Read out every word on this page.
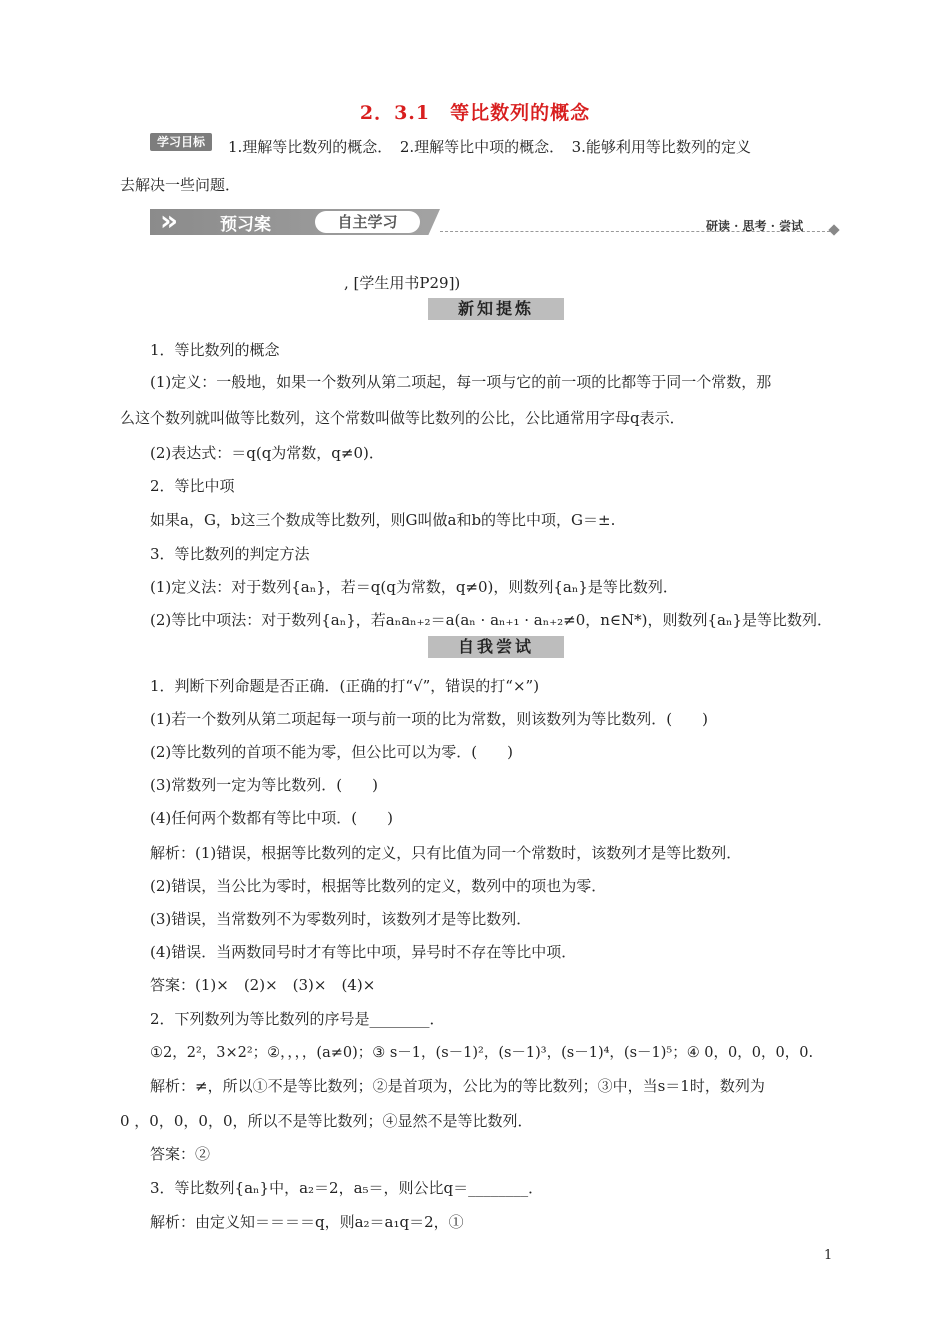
2．3.1　等比数列的概念
学习目标	1.理解等比数列的概念．　2.理解等比中项的概念．　3.能够利用等比数列的定义
去解决一些问题．
» 预习案	自主学习	研读 · 思考 · 尝试
, [学生用书P29])
新知提炼
1．等比数列的概念
(1)定义：一般地，如果一个数列从第二项起，每一项与它的前一项的比都等于同一个常数，那
么这个数列就叫做等比数列，这个常数叫做等比数列的公比，公比通常用字母q表示．
(2)表达式：＝q(q为常数，q≠0)．
2．等比中项
如果a，G，b这三个数成等比数列，则G叫做a和b的等比中项，G＝±.
3．等比数列的判定方法
(1)定义法：对于数列{aₙ}，若＝q(q为常数，q≠0)，则数列{aₙ}是等比数列．
(2)等比中项法：对于数列{aₙ}，若aₙaₙ₊₂＝a(aₙ · aₙ₊₁ · aₙ₊₂≠0，n∈N*)，则数列{aₙ}是等比数列．
自我尝试
1．判断下列命题是否正确．(正确的打“√”，错误的打“×”)
(1)若一个数列从第二项起每一项与前一项的比为常数，则该数列为等比数列．(　　)
(2)等比数列的首项不能为零，但公比可以为零．(　　)
(3)常数列一定为等比数列．(　　)
(4)任何两个数都有等比中项．(　　)
解析：(1)错误，根据等比数列的定义，只有比值为同一个常数时，该数列才是等比数列．
(2)错误，当公比为零时，根据等比数列的定义，数列中的项也为零．
(3)错误，当常数列不为零数列时，该数列才是等比数列．
(4)错误．当两数同号时才有等比中项，异号时不存在等比中项．
答案：(1)×　(2)×　(3)×　(4)×
2．下列数列为等比数列的序号是________．
①2，2²，3×2²；②，，，，(a≠0)；③ s－1，(s－1)²，(s－1)³，(s－1)⁴，(s－1)⁵；④ 0，0，0，0，0.
解析：≠，所以①不是等比数列；②是首项为，公比为的等比数列；③中，当s＝1时，数列为
0 ，0，0，0，0，所以不是等比数列；④显然不是等比数列．
答案：②
3．等比数列{aₙ}中，a₂＝2，a₅＝，则公比q＝________．
解析：由定义知＝＝＝＝q，则a₂＝a₁q＝2，①
1
